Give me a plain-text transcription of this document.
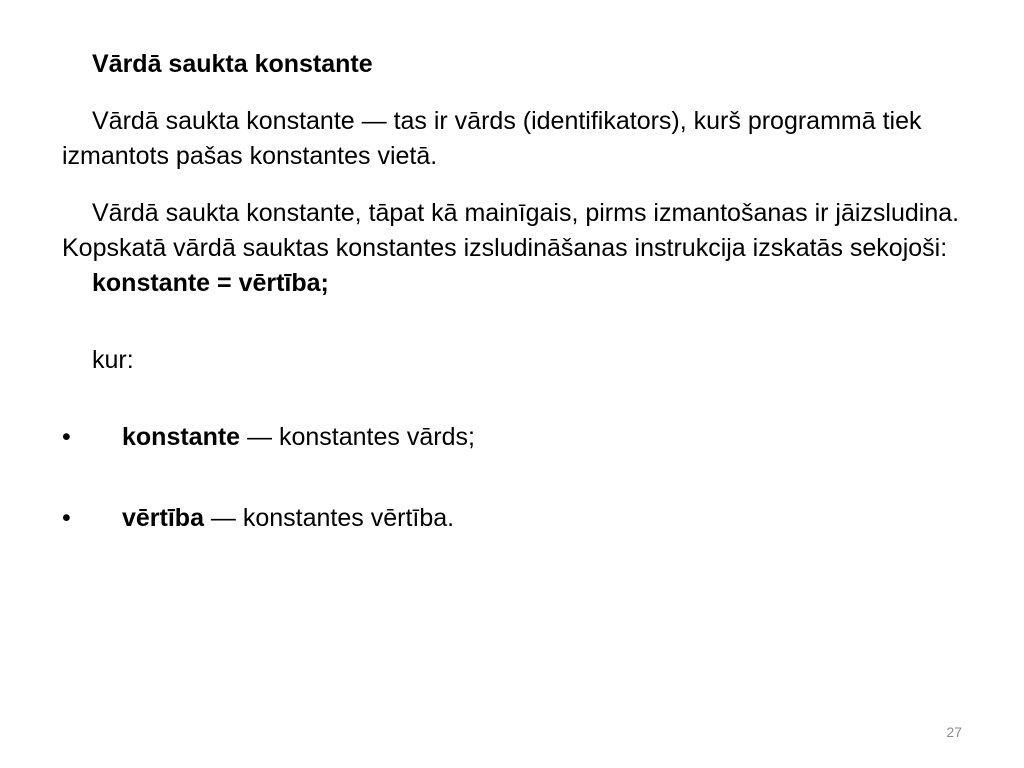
Vārdā saukta konstante

Vārdā saukta konstante — tas ir vārds (identifikators), kurš programmā tiek izmantots pašas konstantes vietā.

Vārdā saukta konstante, tāpat kā mainīgais, pirms izmantošanas ir jāizsludina. Kopskatā vārdā sauktas konstantes izsludināšanas instrukcija izskatās sekojoši:

konstante = vērtība;

kur:

• konstante — konstantes vārds;
• vērtība — konstantes vērtība.
27
